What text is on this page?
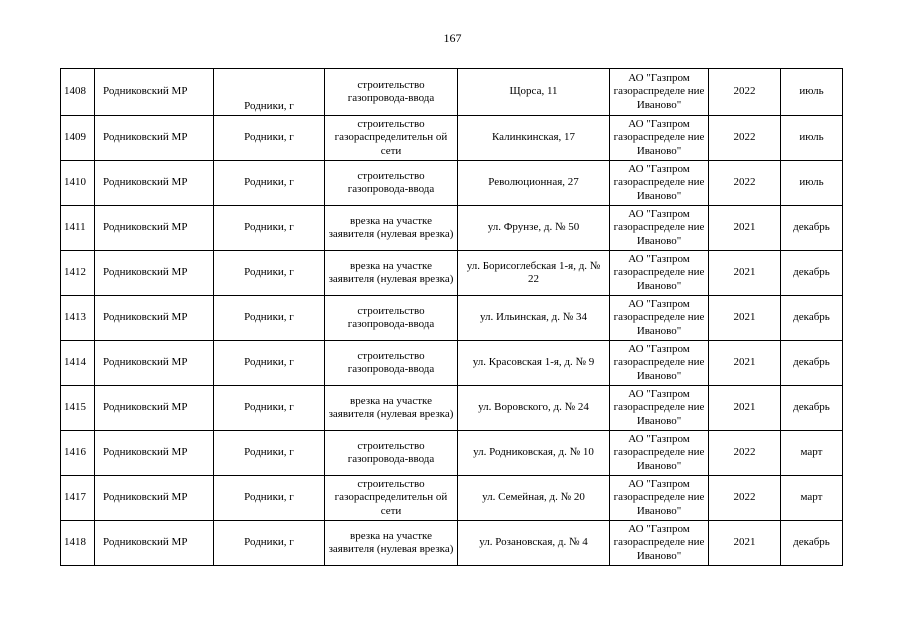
167
1408	Родниковский МР	Родники, г	строительство газопровода-ввода	Щорса, 11	АО "Газпром газораспределе ние Иваново"	2022	июль
1409	Родниковский МР	Родники, г	строительство газораспределительн ой сети	Калинкинская, 17	АО "Газпром газораспределе ние Иваново"	2022	июль
1410	Родниковский МР	Родники, г	строительство газопровода-ввода	Революционная, 27	АО "Газпром газораспределе ние Иваново"	2022	июль
1411	Родниковский МР	Родники, г	врезка на участке заявителя (нулевая врезка)	ул. Фрунзе, д. № 50	АО "Газпром газораспределе ние Иваново"	2021	декабрь
1412	Родниковский МР	Родники, г	врезка на участке заявителя (нулевая врезка)	ул. Борисоглебская 1-я, д. № 22	АО "Газпром газораспределе ние Иваново"	2021	декабрь
1413	Родниковский МР	Родники, г	строительство газопровода-ввода	ул. Ильинская, д. № 34	АО "Газпром газораспределе ние Иваново"	2021	декабрь
1414	Родниковский МР	Родники, г	строительство газопровода-ввода	ул. Красовская 1-я, д. № 9	АО "Газпром газораспределе ние Иваново"	2021	декабрь
1415	Родниковский МР	Родники, г	врезка на участке заявителя (нулевая врезка)	ул. Воровского, д. № 24	АО "Газпром газораспределе ние Иваново"	2021	декабрь
1416	Родниковский МР	Родники, г	строительство газопровода-ввода	ул. Родниковская, д. № 10	АО "Газпром газораспределе ние Иваново"	2022	март
1417	Родниковский МР	Родники, г	строительство газораспределительн ой сети	ул. Семейная, д. № 20	АО "Газпром газораспределе ние Иваново"	2022	март
1418	Родниковский МР	Родники, г	врезка на участке заявителя (нулевая врезка)	ул. Розановская, д. № 4	АО "Газпром газораспределе ние Иваново"	2021	декабрь
